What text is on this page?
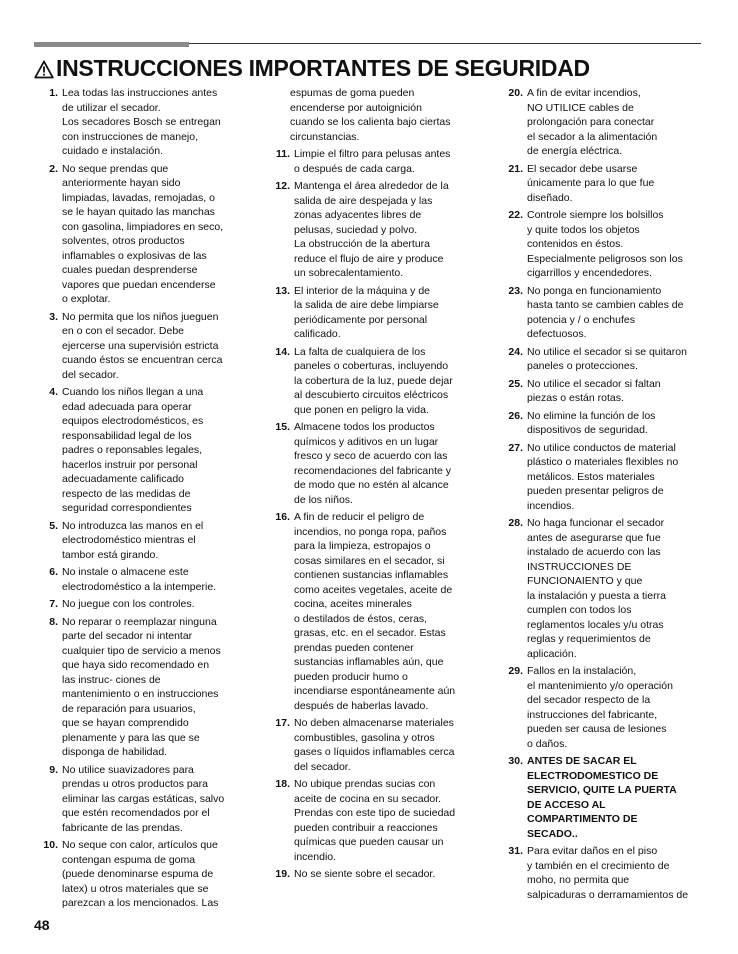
INSTRUCCIONES IMPORTANTES DE SEGURIDAD
1. Lea todas las instrucciones antes
de utilizar el secador.
Los secadores Bosch se entregan
con instrucciones de manejo,
cuidado e instalación.
2. No seque prendas que
anteriormente hayan sido
limpiadas, lavadas, remojadas, o
se le hayan quitado las manchas
con gasolina, limpiadores en seco,
solventes, otros productos
inflamables o explosivas de las
cuales puedan desprenderse
vapores que puedan encenderse
o explotar.
3. No permita que los niños jueguen
en o con el secador. Debe
ejercerse una supervisión estricta
cuando éstos se encuentran cerca
del secador.
4. Cuando los niños llegan a una
edad adecuada para operar
equipos electrodomésticos, es
responsabilidad legal de los
padres o reponsables legales,
hacerlos instruir por personal
adecuadamente calificado
respecto de las medidas de
seguridad correspondientes
5. No introduzca las manos en el
electrodoméstico mientras el
tambor está girando.
6. No instale o almacene este
electrodoméstico a la intemperie.
7. No juegue con los controles.
8. No reparar o reemplazar ninguna
parte del secador ni intentar
cualquier tipo de servicio a menos
que haya sido recomendado en
las instruc- ciones de
mantenimiento o en instrucciones
de reparación para usuarios,
que se hayan comprendido
plenamente y para las que se
disponga de habilidad.
9. No utilice suavizadores para
prendas u otros productos para
eliminar las cargas estáticas, salvo
que estén recomendados por el
fabricante de las prendas.
10. No seque con calor, artículos que
contengan espuma de goma
(puede denominarse espuma de
latex) u otros materiales que se
parezcan a los mencionados. Las
espumas de goma pueden
encenderse por autoignición
cuando se los calienta bajo ciertas
circunstancias.
11. Limpie el filtro para pelusas antes
o después de cada carga.
12. Mantenga el área alrededor de la
salida de aire despejada y las
zonas adyacentes libres de
pelusas, suciedad y polvo.
La obstrucción de la abertura
reduce el flujo de aire y produce
un sobrecalentamiento.
13. El interior de la máquina y de
la salida de aire debe limpiarse
periódicamente por personal
calificado.
14. La falta de cualquiera de los
paneles o coberturas, incluyendo
la cobertura de la luz, puede dejar
al descubierto circuitos eléctricos
que ponen en peligro la vida.
15. Almacene todos los productos
químicos y aditivos en un lugar
fresco y seco de acuerdo con las
recomendaciones del fabricante y
de modo que no estén al alcance
de los niños.
16. A fin de reducir el peligro de
incendios, no ponga ropa, paños
para la limpieza, estropajos o
cosas similares en el secador, si
contienen sustancias inflamables
como aceites vegetales, aceite de
cocina, aceites minerales
o destilados de éstos, ceras,
grasas, etc. en el secador. Estas
prendas pueden contener
sustancias inflamables aún, que
pueden producir humo o
incendiarse espontáneamente aún
después de haberlas lavado.
17. No deben almacenarse materiales
combustibles, gasolina y otros
gases o líquidos inflamables cerca
del secador.
18. No ubique prendas sucias con
aceite de cocina en su secador.
Prendas con este tipo de suciedad
pueden contribuir a reacciones
químicas que pueden causar un
incendio.
19. No se siente sobre el secador.
20. A fin de evitar incendios,
NO UTILICE cables de
prolongación para conectar
el secador a la alimentación
de energía eléctrica.
21. El secador debe usarse
únicamente para lo que fue
diseñado.
22. Controle siempre los bolsillos
y quite todos los objetos
contenidos en éstos.
Especialmente peligrosos son los
cigarrillos y encendedores.
23. No ponga en funcionamiento
hasta tanto se cambien cables de
potencia y / o enchufes
defectuosos.
24. No utilice el secador si se quitaron
paneles o protecciones.
25. No utilice el secador si faltan
piezas o están rotas.
26. No elimine la función de los
dispositivos de seguridad.
27. No utilice conductos de material
plástico o materiales flexibles no
metálicos. Estos materiales
pueden presentar peligros de
incendios.
28. No haga funcionar el secador
antes de asegurarse que fue
instalado de acuerdo con las
INSTRUCCIONES DE
FUNCIONAIENTO y que
la instalación y puesta a tierra
cumplen con todos los
reglamentos locales y/u otras
reglas y requerimientos de
aplicación.
29. Fallos en la instalación,
el mantenimiento y/o operación
del secador respecto de la
instrucciones del fabricante,
pueden ser causa de lesiones
o daños.
30. ANTES DE SACAR EL
ELECTRODOMESTICO DE
SERVICIO, QUITE LA PUERTA
DE ACCESO AL
COMPARTIMENTO DE
SECADO..
31. Para evitar daños en el piso
y también en el crecimiento de
moho, no permita que
salpicaduras o derramamientos de
48
